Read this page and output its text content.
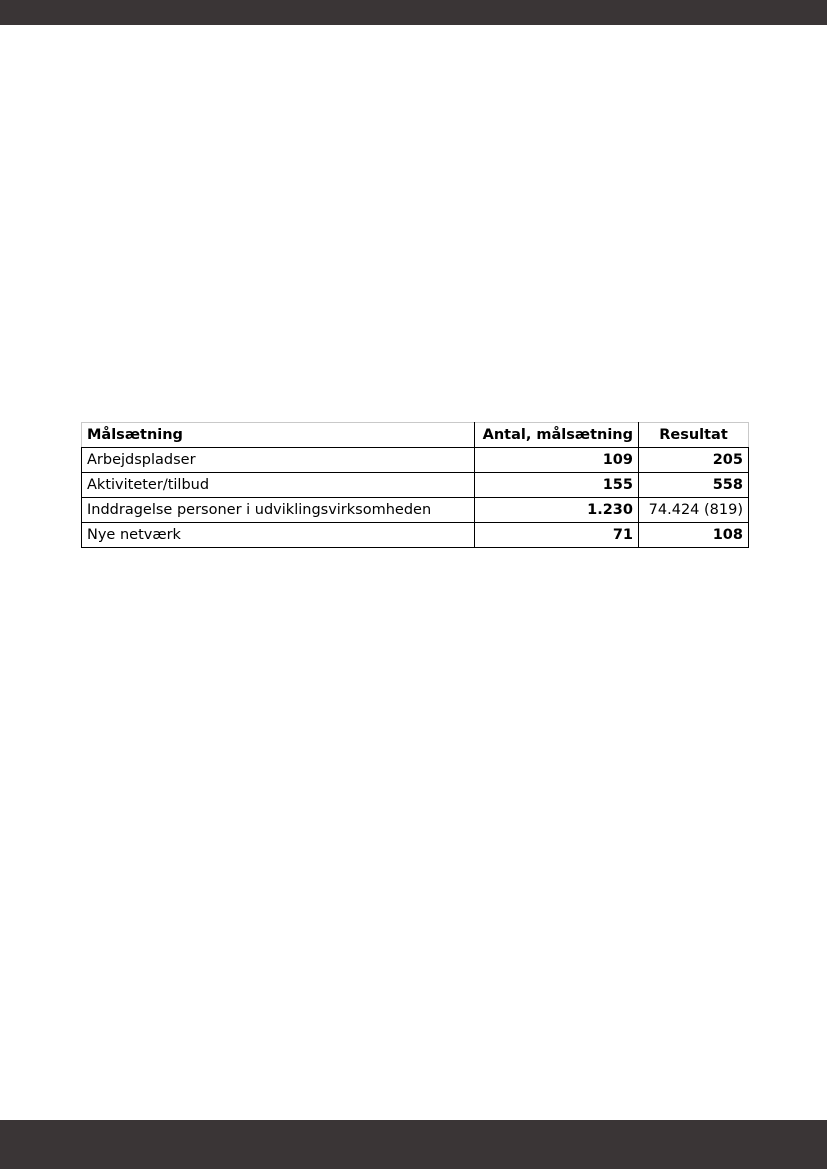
Målsætning	Antal, målsætning	Resultat
Arbejdspladser	109	205
Aktiviteter/tilbud	155	558
Inddragelse personer i udviklingsvirksomheden	1.230	74.424 (819)
Nye netværk	71	108
